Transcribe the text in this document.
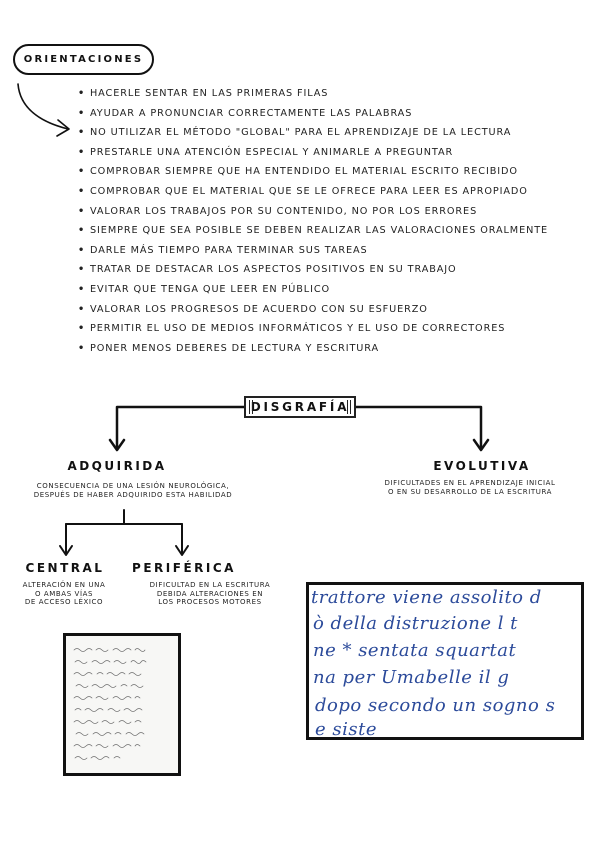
ORIENTACIONES
• HACERLE SENTAR EN LAS PRIMERAS FILAS
• AYUDAR A PRONUNCIAR CORRECTAMENTE LAS PALABRAS
• NO UTILIZAR EL MÉTODO "GLOBAL" PARA EL APRENDIZAJE DE LA LECTURA
• PRESTARLE UNA ATENCIÓN ESPECIAL Y ANIMARLE A PREGUNTAR
• COMPROBAR SIEMPRE QUE HA ENTENDIDO EL MATERIAL ESCRITO RECIBIDO
• COMPROBAR QUE EL MATERIAL QUE SE LE OFRECE PARA LEER ES APROPIADO
• VALORAR LOS TRABAJOS POR SU CONTENIDO, NO POR LOS ERRORES
• SIEMPRE QUE SEA POSIBLE SE DEBEN REALIZAR LAS VALORACIONES ORALMENTE
• DARLE MÁS TIEMPO PARA TERMINAR SUS TAREAS
• TRATAR DE DESTACAR LOS ASPECTOS POSITIVOS EN SU TRABAJO
• EVITAR QUE TENGA QUE LEER EN PÚBLICO
• VALORAR LOS PROGRESOS DE ACUERDO CON SU ESFUERZO
• PERMITIR EL USO DE MEDIOS INFORMÁTICOS Y EL USO DE CORRECTORES
• PONER MENOS DEBERES DE LECTURA Y ESCRITURA
DISGRAFÍA
ADQUIRIDA
CONSECUENCIA DE UNA LESIÓN NEUROLÓGICA,
DESPUÉS DE HABER ADQUIRIDO ESTA HABILIDAD
EVOLUTIVA
DIFICULTADES EN EL APRENDIZAJE INICIAL
O EN SU DESARROLLO DE LA ESCRITURA
CENTRAL
ALTERACIÓN EN UNA
O AMBAS VÍAS
DE ACCESO LÉXICO
PERIFÉRICA
DIFICULTAD EN LA ESCRITURA
DEBIDA ALTERACIONES EN
LOS PROCESOS MOTORES	trattore viene assolito d
ò della distruzione l t
ne * sentata squartat
na per Umabelle il g
dopo secondo un sogno s
e siste
